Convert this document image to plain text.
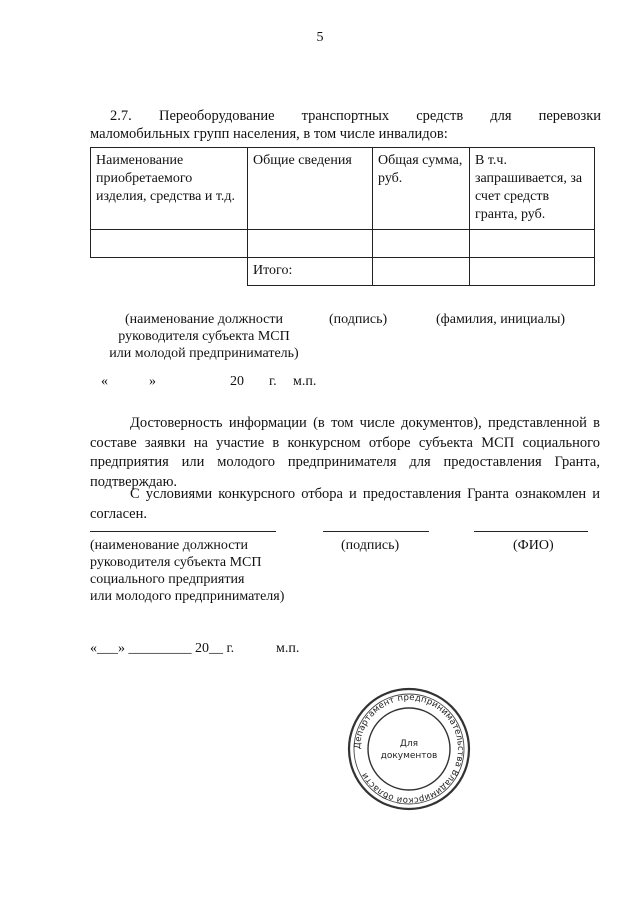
5
2.7. Переоборудование транспортных средств для перевозки
маломобильных групп населения, в том числе инвалидов:
Наименование приобретаемого изделия, средства и т.д.	Общие сведения	Общая сумма, руб.	В т.ч. запрашивается, за счет средств гранта, руб.

	Итого:		
(наименование должности
руководителя субъекта МСП
или молодой предприниматель)
(подпись)	(фамилия, инициалы)
«	»	20 г. м.п.
Достоверность информации (в том числе документов), представленной в составе заявки на участие в конкурсном отборе субъекта МСП социального предприятия или молодого предпринимателя для предоставления Гранта, подтверждаю.
С условиями конкурсного отбора и предоставления Гранта ознакомлен и согласен.
(наименование должности
руководителя субъекта МСП
социального предприятия
или молодого предпринимателя)
(подпись)	(ФИО)
«___» _________ 20__ г.	м.п.
Департамент предпринимательства Владимирской области
Для
документов
